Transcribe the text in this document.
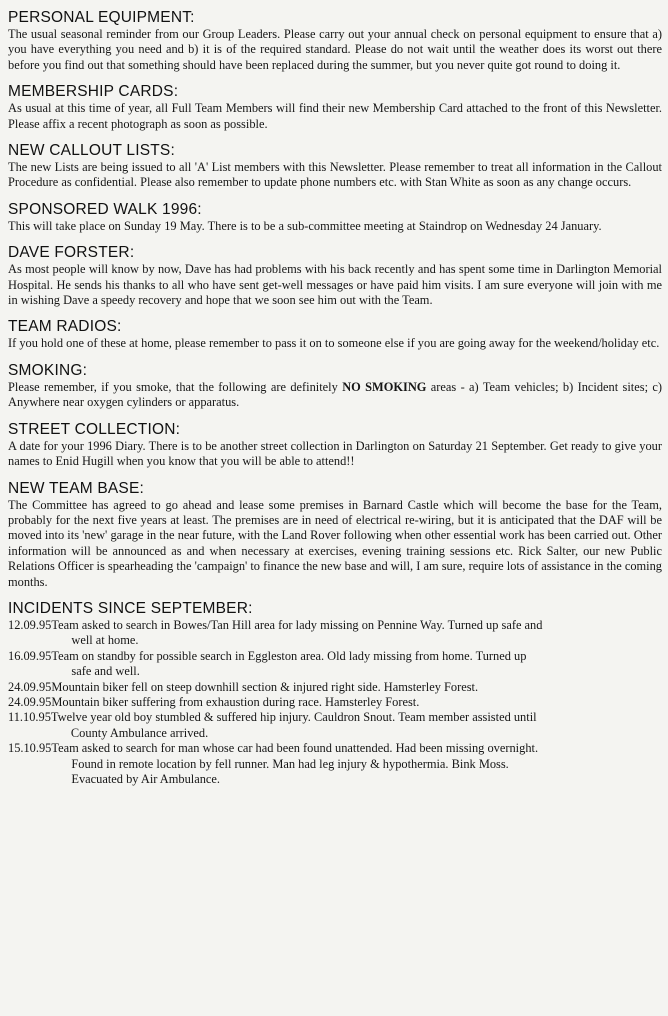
PERSONAL EQUIPMENT:

The usual seasonal reminder from our Group Leaders. Please carry out your annual check on personal equipment to ensure that a) you have everything you need and b) it is of the required standard. Please do not wait until the weather does its worst out there before you find out that something should have been replaced during the summer, but you never quite got round to doing it.

MEMBERSHIP CARDS:

As usual at this time of year, all Full Team Members will find their new Membership Card attached to the front of this Newsletter. Please affix a recent photograph as soon as possible.

NEW CALLOUT LISTS:

The new Lists are being issued to all 'A' List members with this Newsletter. Please remember to treat all information in the Callout Procedure as confidential. Please also remember to update phone numbers etc. with Stan White as soon as any change occurs.

SPONSORED WALK 1996:

This will take place on Sunday 19 May. There is to be a sub-committee meeting at Staindrop on Wednesday 24 January.

DAVE FORSTER:

As most people will know by now, Dave has had problems with his back recently and has spent some time in Darlington Memorial Hospital. He sends his thanks to all who have sent get-well messages or have paid him visits. I am sure everyone will join with me in wishing Dave a speedy recovery and hope that we soon see him out with the Team.

TEAM RADIOS:

If you hold one of these at home, please remember to pass it on to someone else if you are going away for the weekend/holiday etc.

SMOKING:

Please remember, if you smoke, that the following are definitely NO SMOKING areas - a) Team vehicles; b) Incident sites; c) Anywhere near oxygen cylinders or apparatus.

STREET COLLECTION:

A date for your 1996 Diary. There is to be another street collection in Darlington on Saturday 21 September. Get ready to give your names to Enid Hugill when you know that you will be able to attend!!

NEW TEAM BASE:

The Committee has agreed to go ahead and lease some premises in Barnard Castle which will become the base for the Team, probably for the next five years at least. The premises are in need of electrical re-wiring, but it is anticipated that the DAF will be moved into its 'new' garage in the near future, with the Land Rover following when other essential work has been carried out. Other information will be announced as and when necessary at exercises, evening training sessions etc. Rick Salter, our new Public Relations Officer is spearheading the 'campaign' to finance the new base and will, I am sure, require lots of assistance in the coming months.

INCIDENTS SINCE SEPTEMBER:
12.09.95 Team asked to search in Bowes/Tan Hill area for lady missing on Pennine Way. Turned up safe and
well at home.
16.09.95 Team on standby for possible search in Eggleston area. Old lady missing from home. Turned up
safe and well.
24.09.95 Mountain biker fell on steep downhill section & injured right side. Hamsterley Forest.
24.09.95 Mountain biker suffering from exhaustion during race. Hamsterley Forest.
11.10.95 Twelve year old boy stumbled & suffered hip injury. Cauldron Snout. Team member assisted until
County Ambulance arrived.
15.10.95 Team asked to search for man whose car had been found unattended. Had been missing overnight.
Found in remote location by fell runner. Man had leg injury & hypothermia. Bink Moss.
Evacuated by Air Ambulance.
